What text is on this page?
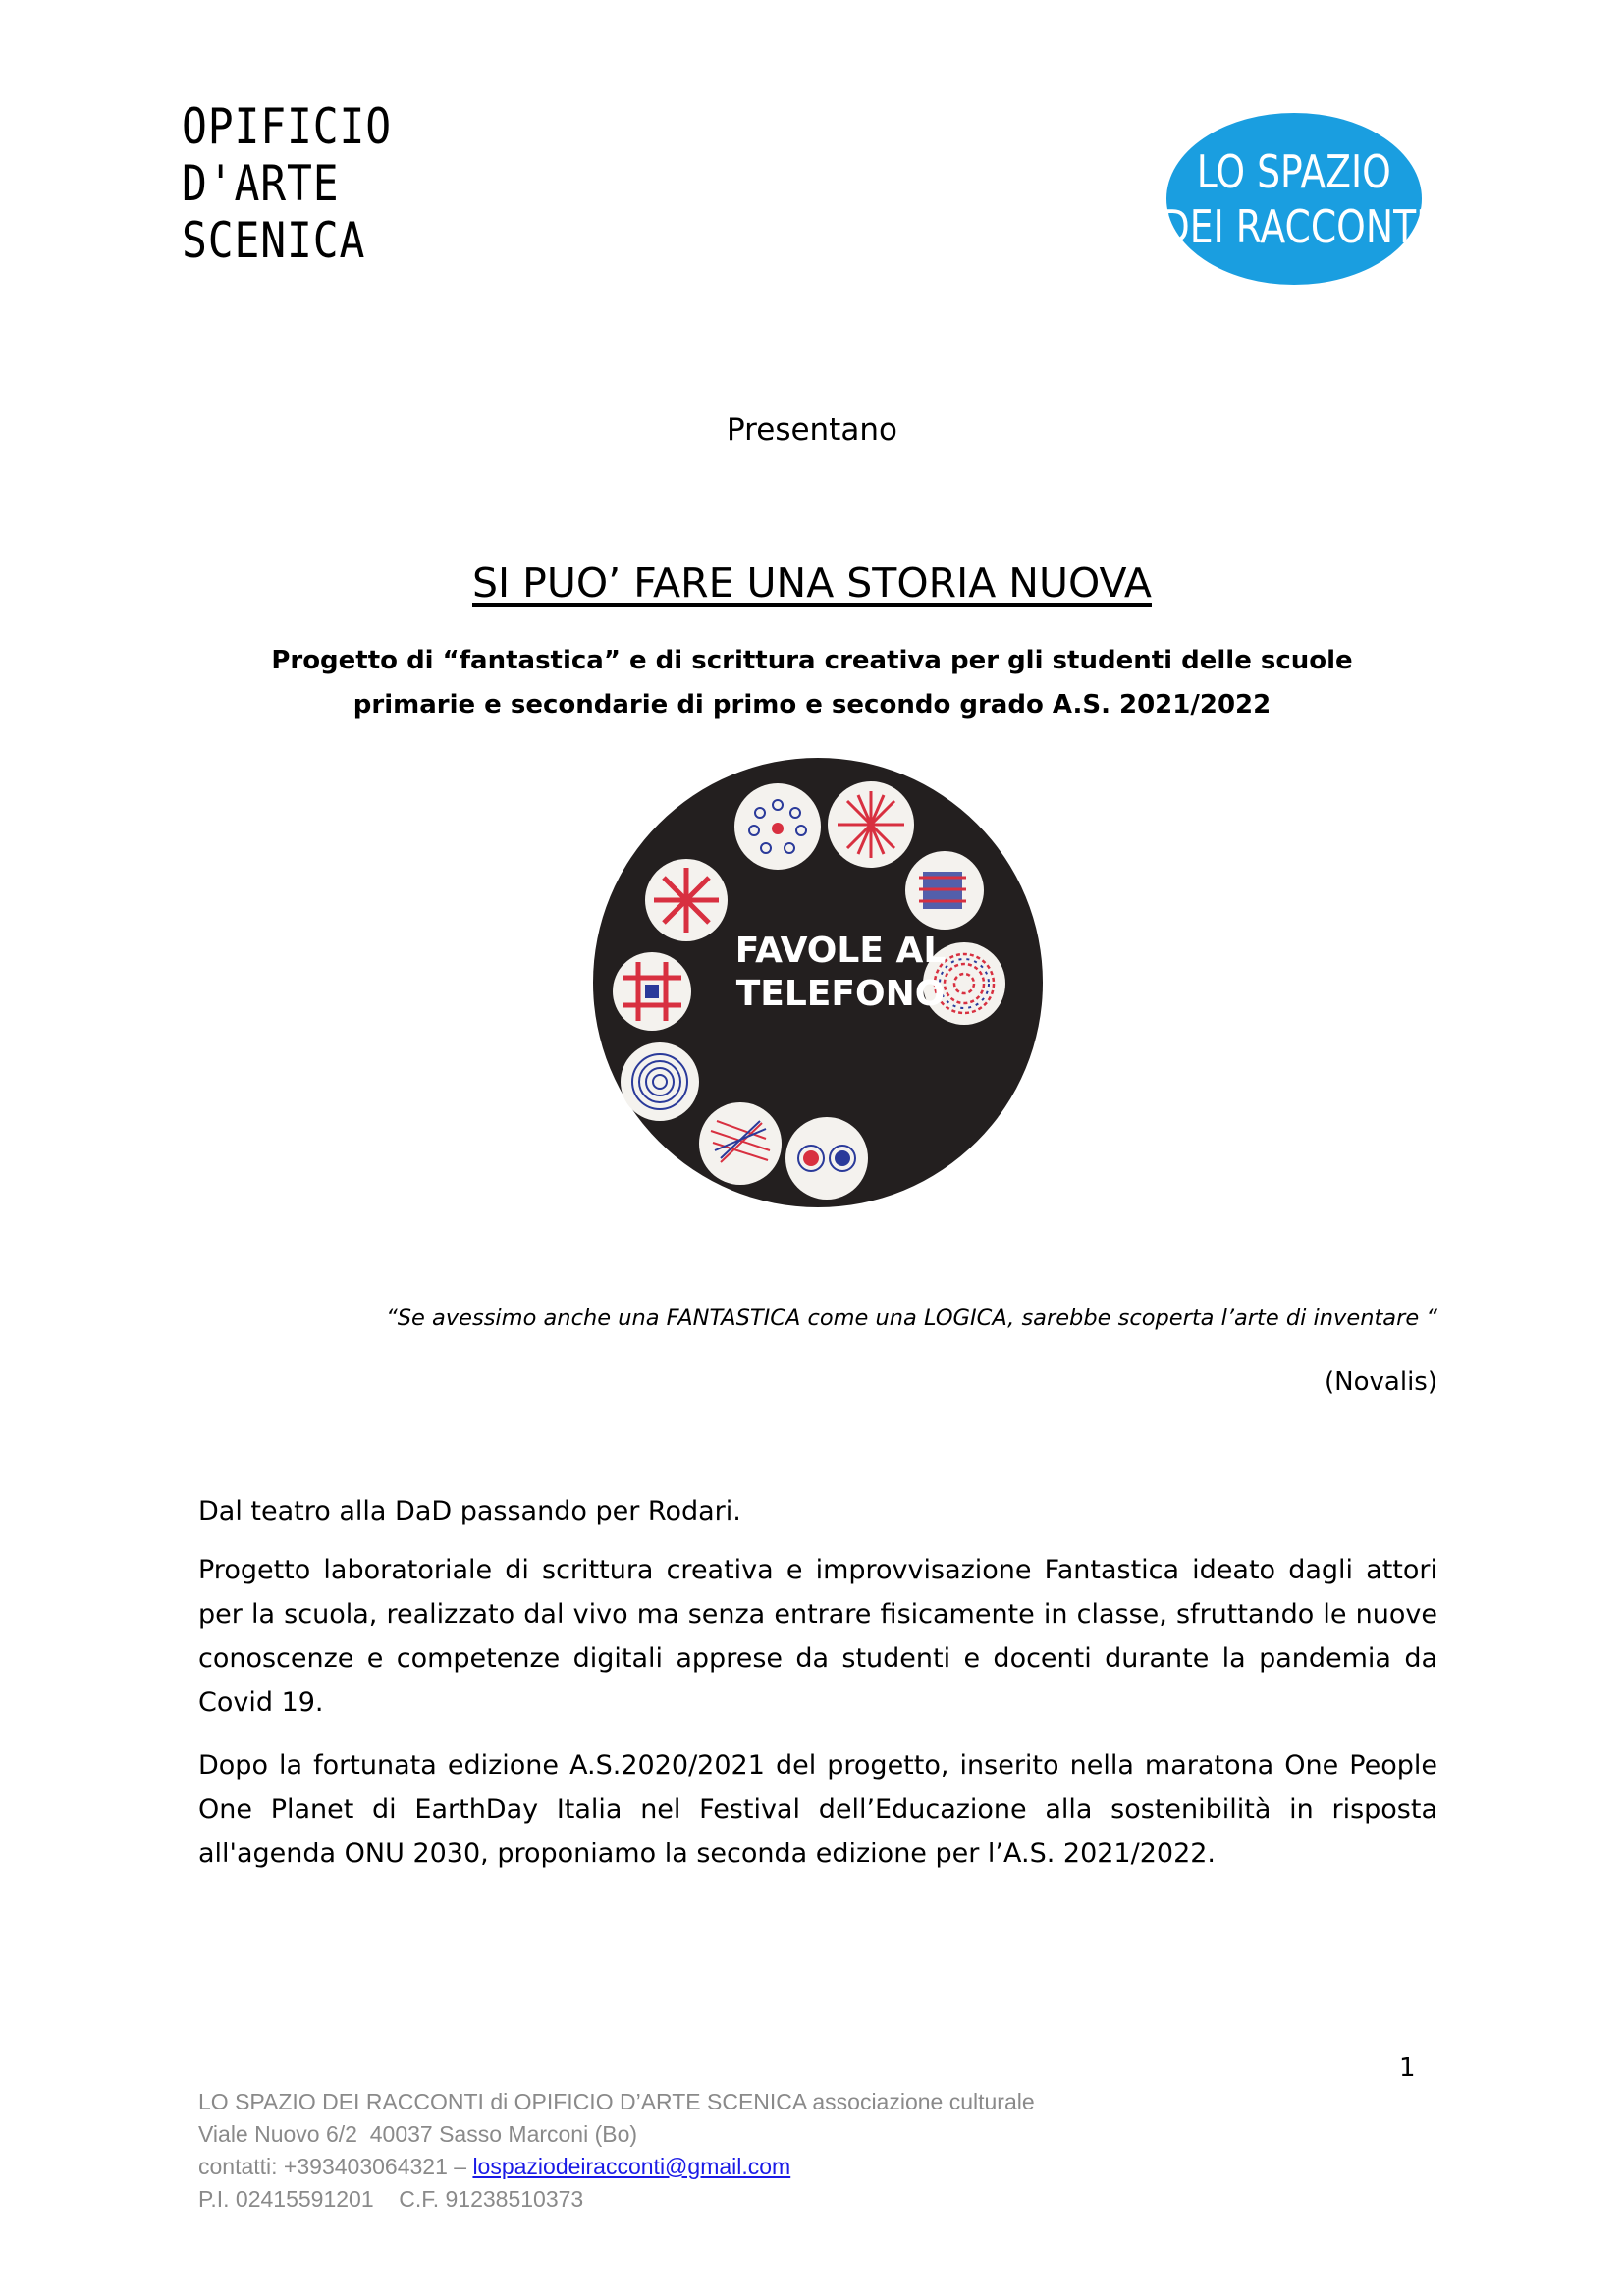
OPIFICIO
D'ARTE
SCENICA
LO SPAZIO
DEI RACCONTI
Presentano
SI PUO’ FARE UNA STORIA NUOVA
Progetto di “fantastica” e di scrittura creativa per gli studenti delle scuole primarie e secondarie di primo e secondo grado A.S. 2021/2022
FAVOLE AL
TELEFONO
“Se avessimo anche una FANTASTICA come una LOGICA, sarebbe scoperta l’arte di inventare “
(Novalis)
Dal teatro alla DaD passando per Rodari.
Progetto laboratoriale di scrittura creativa e improvvisazione Fantastica ideato dagli attori per la scuola, realizzato dal vivo ma senza entrare fisicamente in classe, sfruttando le nuove conoscenze e competenze digitali apprese da studenti e docenti durante la pandemia da Covid 19.
Dopo la fortunata edizione A.S.2020/2021 del progetto, inserito nella maratona One People One Planet di EarthDay Italia nel Festival dell’Educazione alla sostenibilità in risposta all'agenda ONU 2030, proponiamo la seconda edizione per l’A.S. 2021/2022.
1
LO SPAZIO DEI RACCONTI di OPIFICIO D’ARTE SCENICA associazione culturale
Viale Nuovo 6/2  40037 Sasso Marconi (Bo)
contatti: +393403064321 – lospaziodeiracconti@gmail.com
P.I. 02415591201    C.F. 91238510373
